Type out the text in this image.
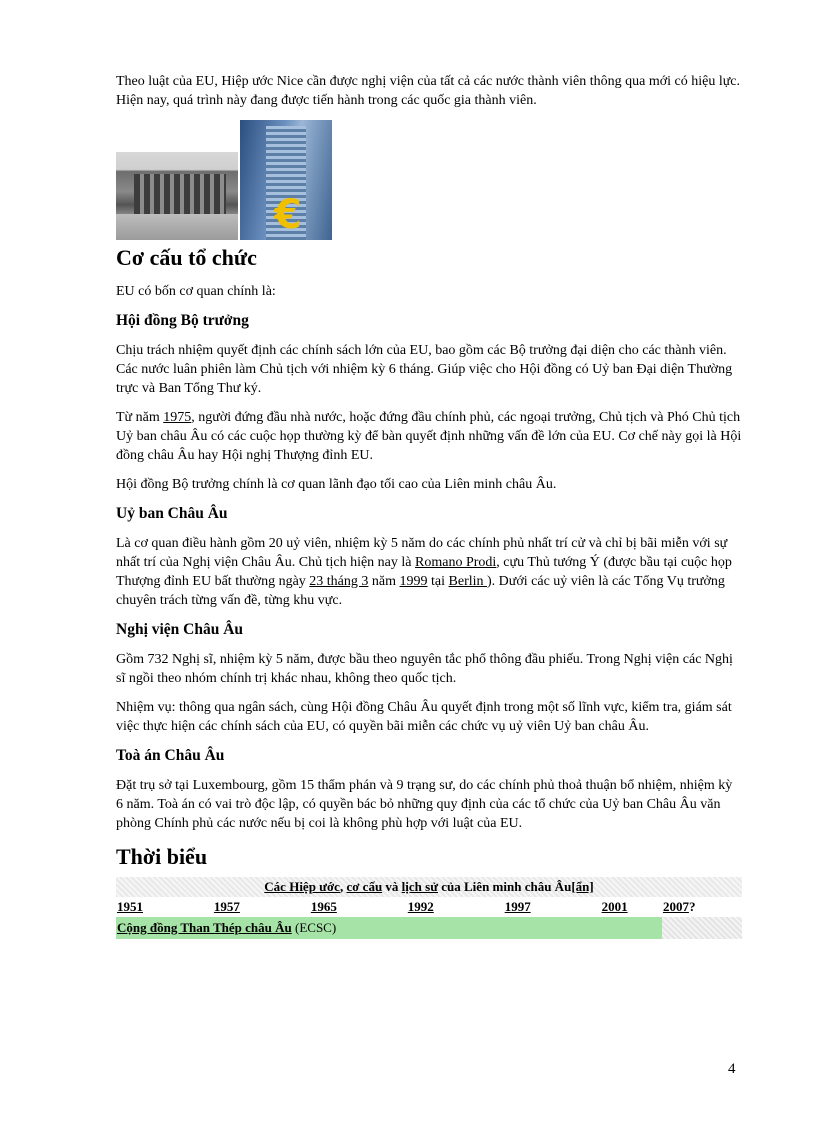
Theo luật của EU, Hiệp ước Nice cần được nghị viện của tất cả các nước thành viên thông qua mới có hiệu lực. Hiện nay, quá trình này đang được tiến hành trong các quốc gia thành viên.

€
Cơ cấu tổ chức

EU có bốn cơ quan chính là:

Hội đồng Bộ trưởng

Chịu trách nhiệm quyết định các chính sách lớn của EU, bao gồm các Bộ trưởng đại diện cho các thành viên. Các nước luân phiên làm Chủ tịch với nhiệm kỳ 6 tháng. Giúp việc cho Hội đồng có Uỷ ban Đại diện Thường trực và Ban Tổng Thư ký.

Từ năm 1975, người đứng đầu nhà nước, hoặc đứng đầu chính phủ, các ngoại trưởng, Chủ tịch và Phó Chủ tịch Uỷ ban châu Âu có các cuộc họp thường kỳ để bàn quyết định những vấn đề lớn của EU. Cơ chế này gọi là Hội đồng châu Âu hay Hội nghị Thượng đỉnh EU.

Hội đồng Bộ trưởng chính là cơ quan lãnh đạo tối cao của Liên minh châu Âu.

Uỷ ban Châu Âu

Là cơ quan điều hành gồm 20 uỷ viên, nhiệm kỳ 5 năm do các chính phủ nhất trí cử và chỉ bị bãi miễn với sự nhất trí của Nghị viện Châu Âu. Chủ tịch hiện nay là Romano Prodi, cựu Thủ tướng Ý (được bầu tại cuộc họp Thượng đỉnh EU bất thường ngày 23 tháng 3 năm 1999 tại Berlin ). Dưới các uỷ viên là các Tổng Vụ trưởng chuyên trách từng vấn đề, từng khu vực.

Nghị viện Châu Âu

Gồm 732 Nghị sĩ, nhiệm kỳ 5 năm, được bầu theo nguyên tắc phổ thông đầu phiếu. Trong Nghị viện các Nghị sĩ ngồi theo nhóm chính trị khác nhau, không theo quốc tịch.

Nhiệm vụ: thông qua ngân sách, cùng Hội đồng Châu Âu quyết định trong một số lĩnh vực, kiểm tra, giám sát việc thực hiện các chính sách của EU, có quyền bãi miễn các chức vụ uỷ viên Uỷ ban châu Âu.

Toà án Châu Âu

Đặt trụ sở tại Luxembourg, gồm 15 thẩm phán và 9 trạng sư, do các chính phủ thoả thuận bổ nhiệm, nhiệm kỳ 6 năm. Toà án có vai trò độc lập, có quyền bác bỏ những quy định của các tổ chức của Uỷ ban Châu Âu văn phòng Chính phủ các nước nếu bị coi là không phù hợp với luật của EU.

Thời biểu
Các Hiệp ước, cơ cấu và lịch sử của Liên minh châu Âu[ẩn]							
1951	1957	1965	1992	1997	2001	2007?	
Cộng đồng Than Thép châu Âu (ECSC)							
4
